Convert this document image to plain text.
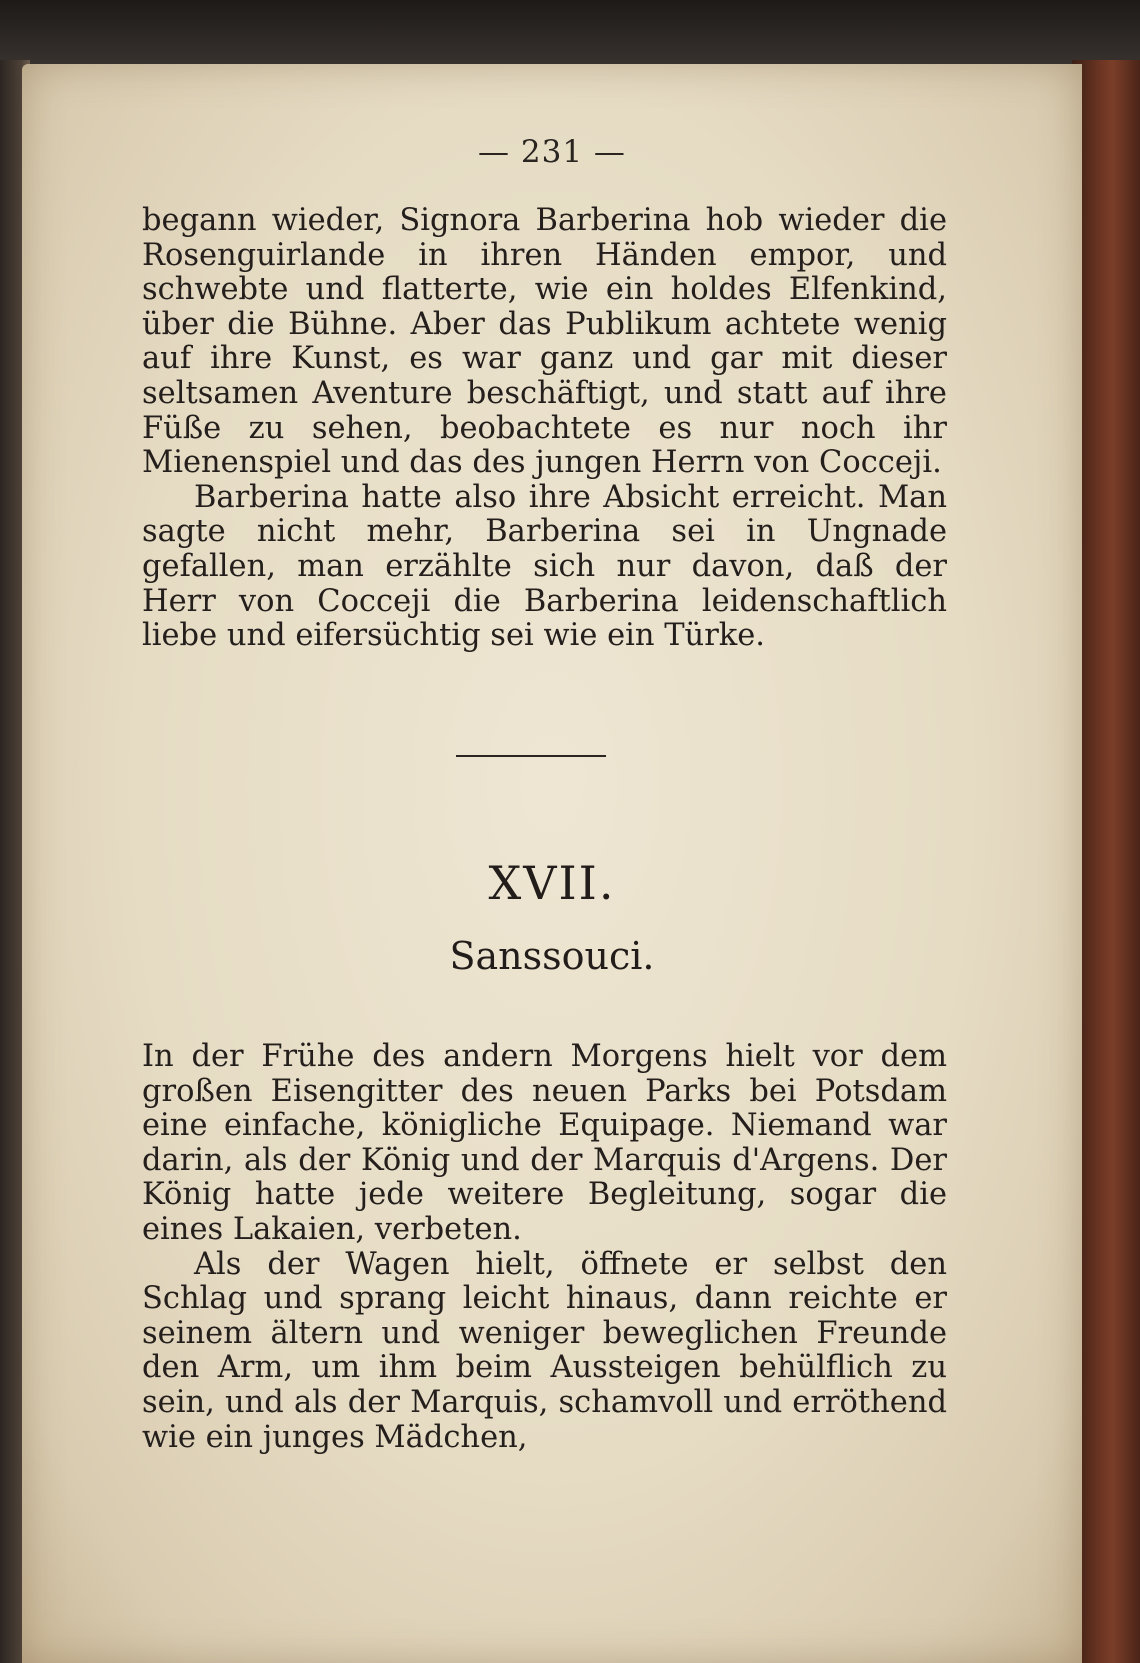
— 231 —

begann wieder, Signora Barberina hob wieder die Rosenguirlande in ihren Händen empor, und schwebte und flatterte, wie ein holdes Elfenkind, über die Bühne. Aber das Publikum achtete wenig auf ihre Kunst, es war ganz und gar mit dieser seltsamen Aventure beschäftigt, und statt auf ihre Füße zu sehen, beobachtete es nur noch ihr Mienenspiel und das des jungen Herrn von Cocceji.

Barberina hatte also ihre Absicht erreicht. Man sagte nicht mehr, Barberina sei in Ungnade gefallen, man erzählte sich nur davon, daß der Herr von Cocceji die Barberina leidenschaftlich liebe und eifersüchtig sei wie ein Türke.

XVII.
Sanssouci.

In der Frühe des andern Morgens hielt vor dem großen Eisengitter des neuen Parks bei Potsdam eine einfache, königliche Equipage. Niemand war darin, als der König und der Marquis d'Argens. Der König hatte jede weitere Begleitung, sogar die eines Lakaien, verbeten.

Als der Wagen hielt, öffnete er selbst den Schlag und sprang leicht hinaus, dann reichte er seinem ältern und weniger beweglichen Freunde den Arm, um ihm beim Aussteigen behülflich zu sein, und als der Marquis, schamvoll und erröthend wie ein junges Mädchen,
